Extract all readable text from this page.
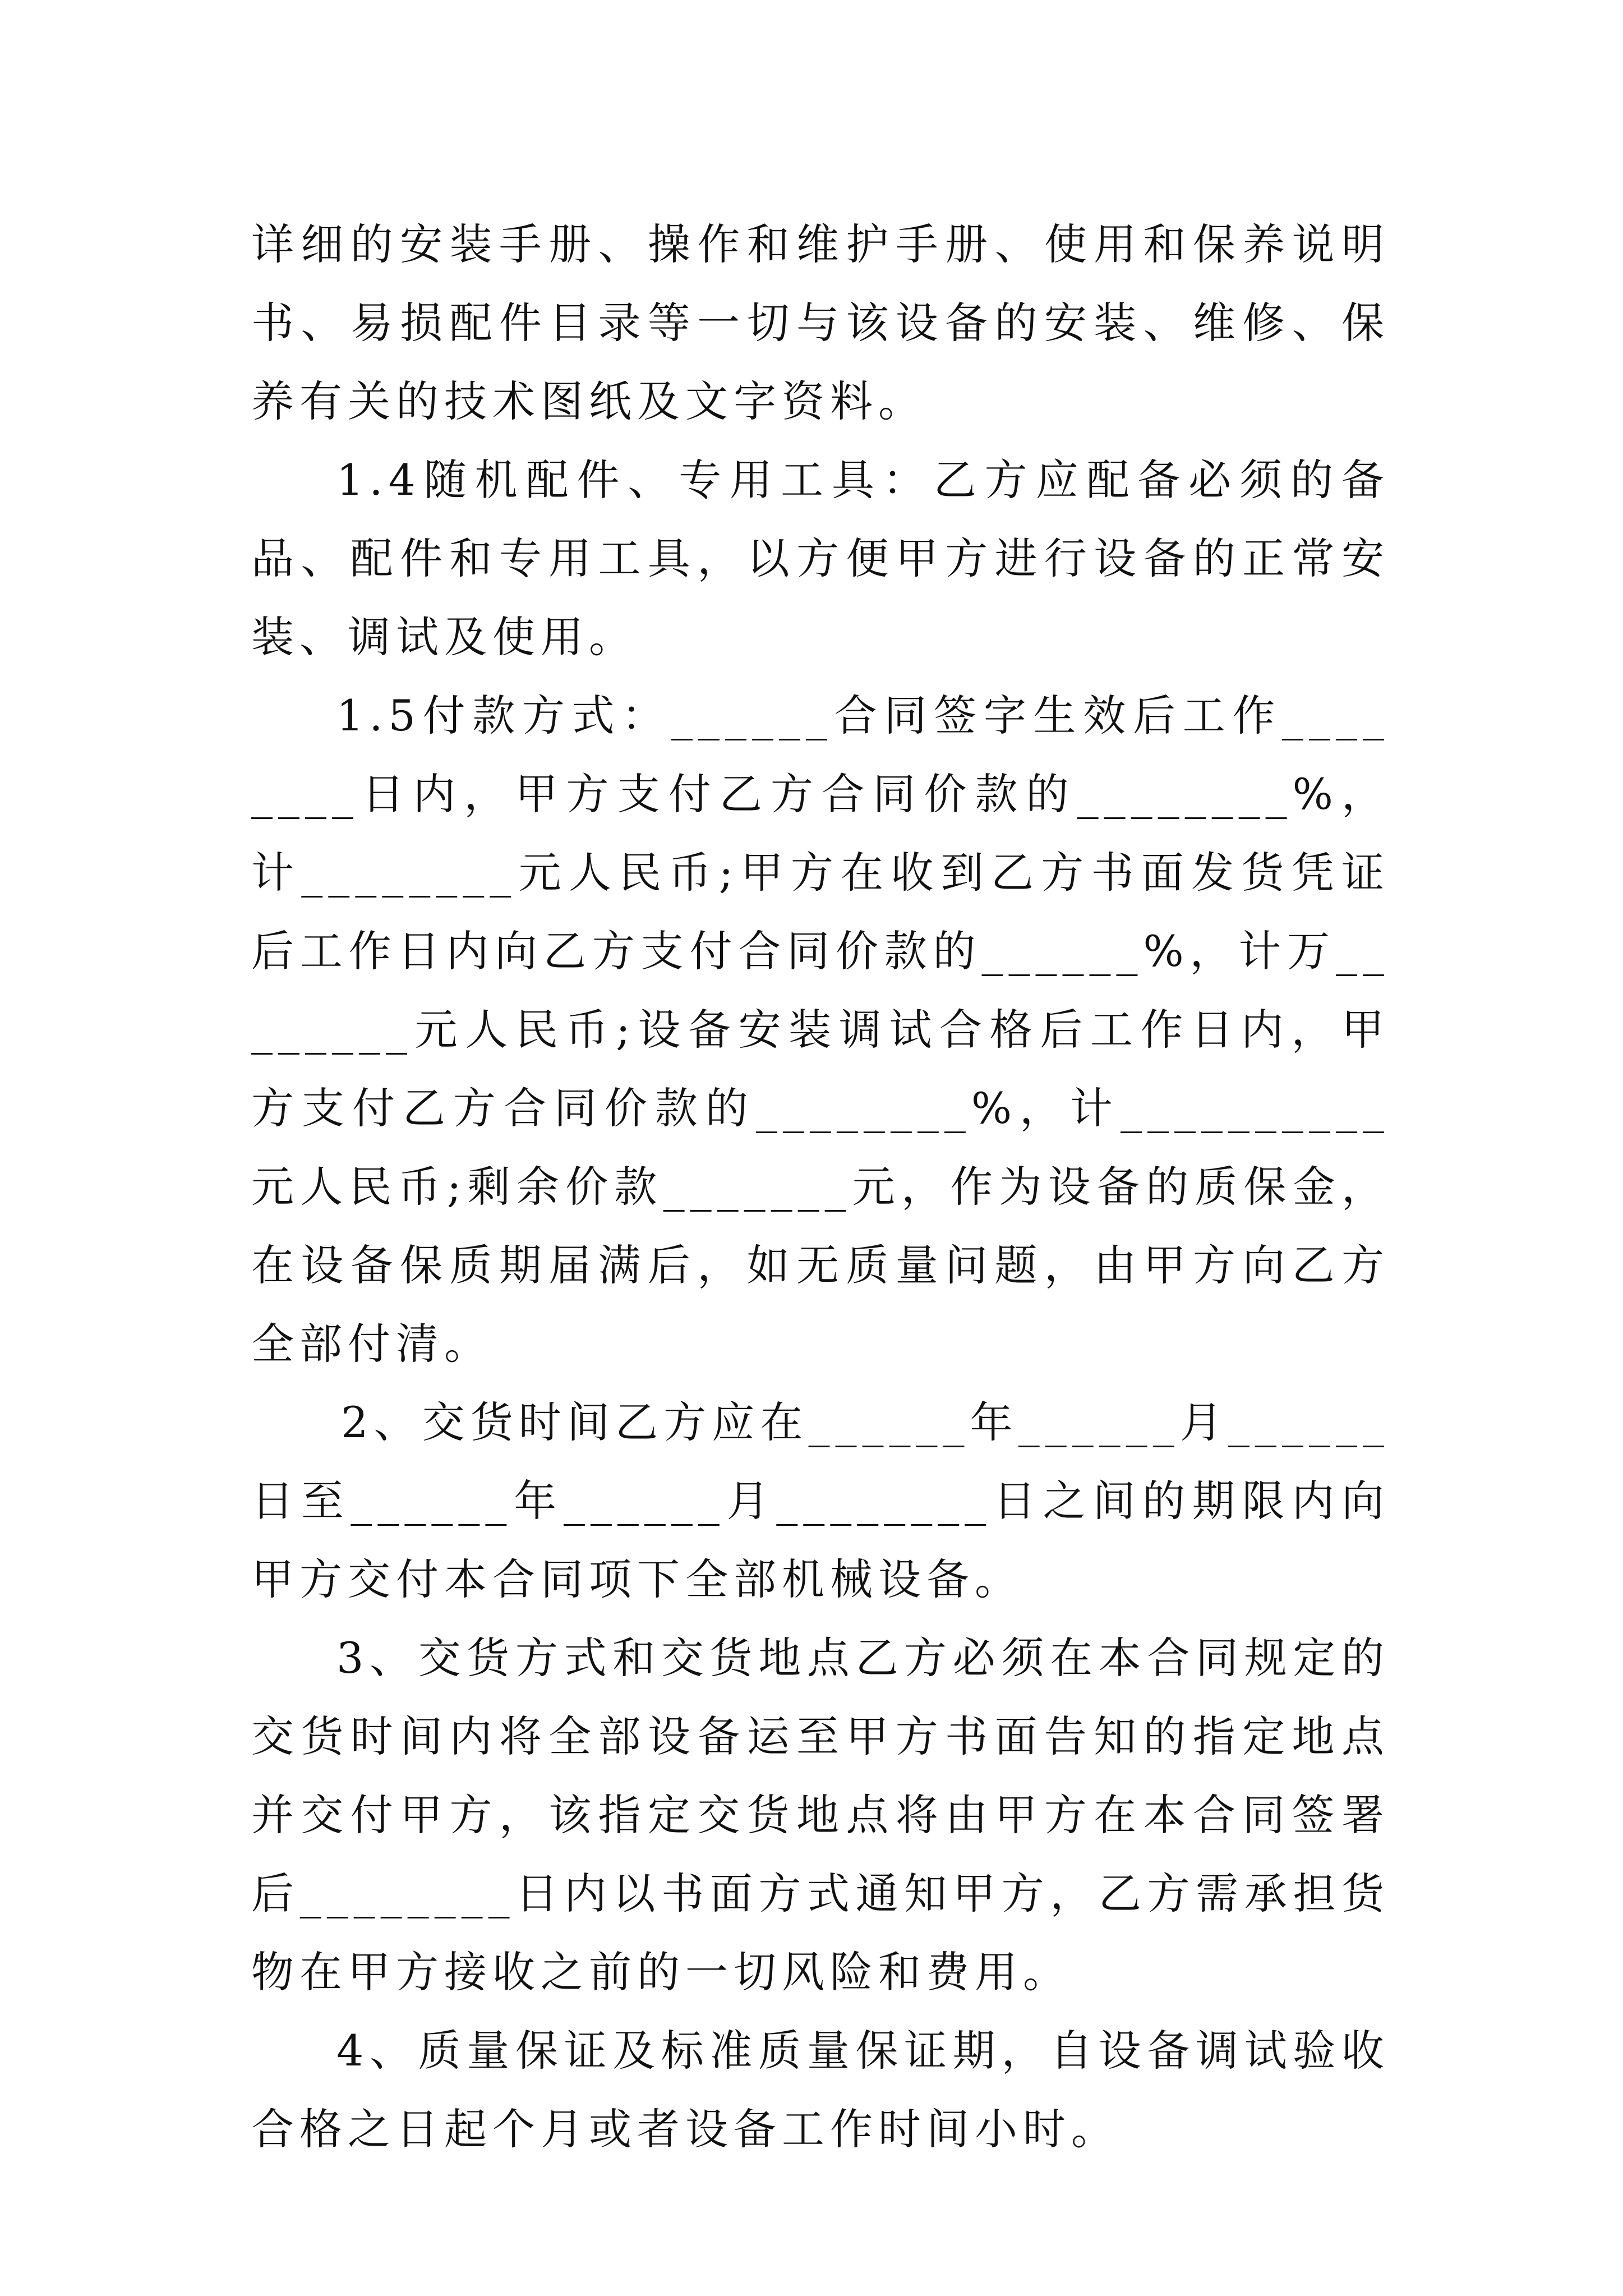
详细的安装手册、操作和维护手册、使用和保养说明书、易损配件目录等一切与该设备的安装、维修、保养有关的技术图纸及文字资料。

1.4随机配件、专用工具：乙方应配备必须的备品、配件和专用工具，以方便甲方进行设备的正常安装、调试及使用。

1.5付款方式：______合同签字生效后工作________日内，甲方支付乙方合同价款的________%，计________元人民币;甲方在收到乙方书面发货凭证后工作日内向乙方支付合同价款的______%，计万________元人民币;设备安装调试合格后工作日内，甲方支付乙方合同价款的________%，计__________元人民币;剩余价款_______元，作为设备的质保金，在设备保质期届满后，如无质量问题，由甲方向乙方全部付清。

2、交货时间乙方应在______年______月______日至______年______月________日之间的期限内向甲方交付本合同项下全部机械设备。

3、交货方式和交货地点乙方必须在本合同规定的交货时间内将全部设备运至甲方书面告知的指定地点并交付甲方，该指定交货地点将由甲方在本合同签署后________日内以书面方式通知甲方，乙方需承担货物在甲方接收之前的一切风险和费用。

4、质量保证及标准质量保证期，自设备调试验收合格之日起个月或者设备工作时间小时。
